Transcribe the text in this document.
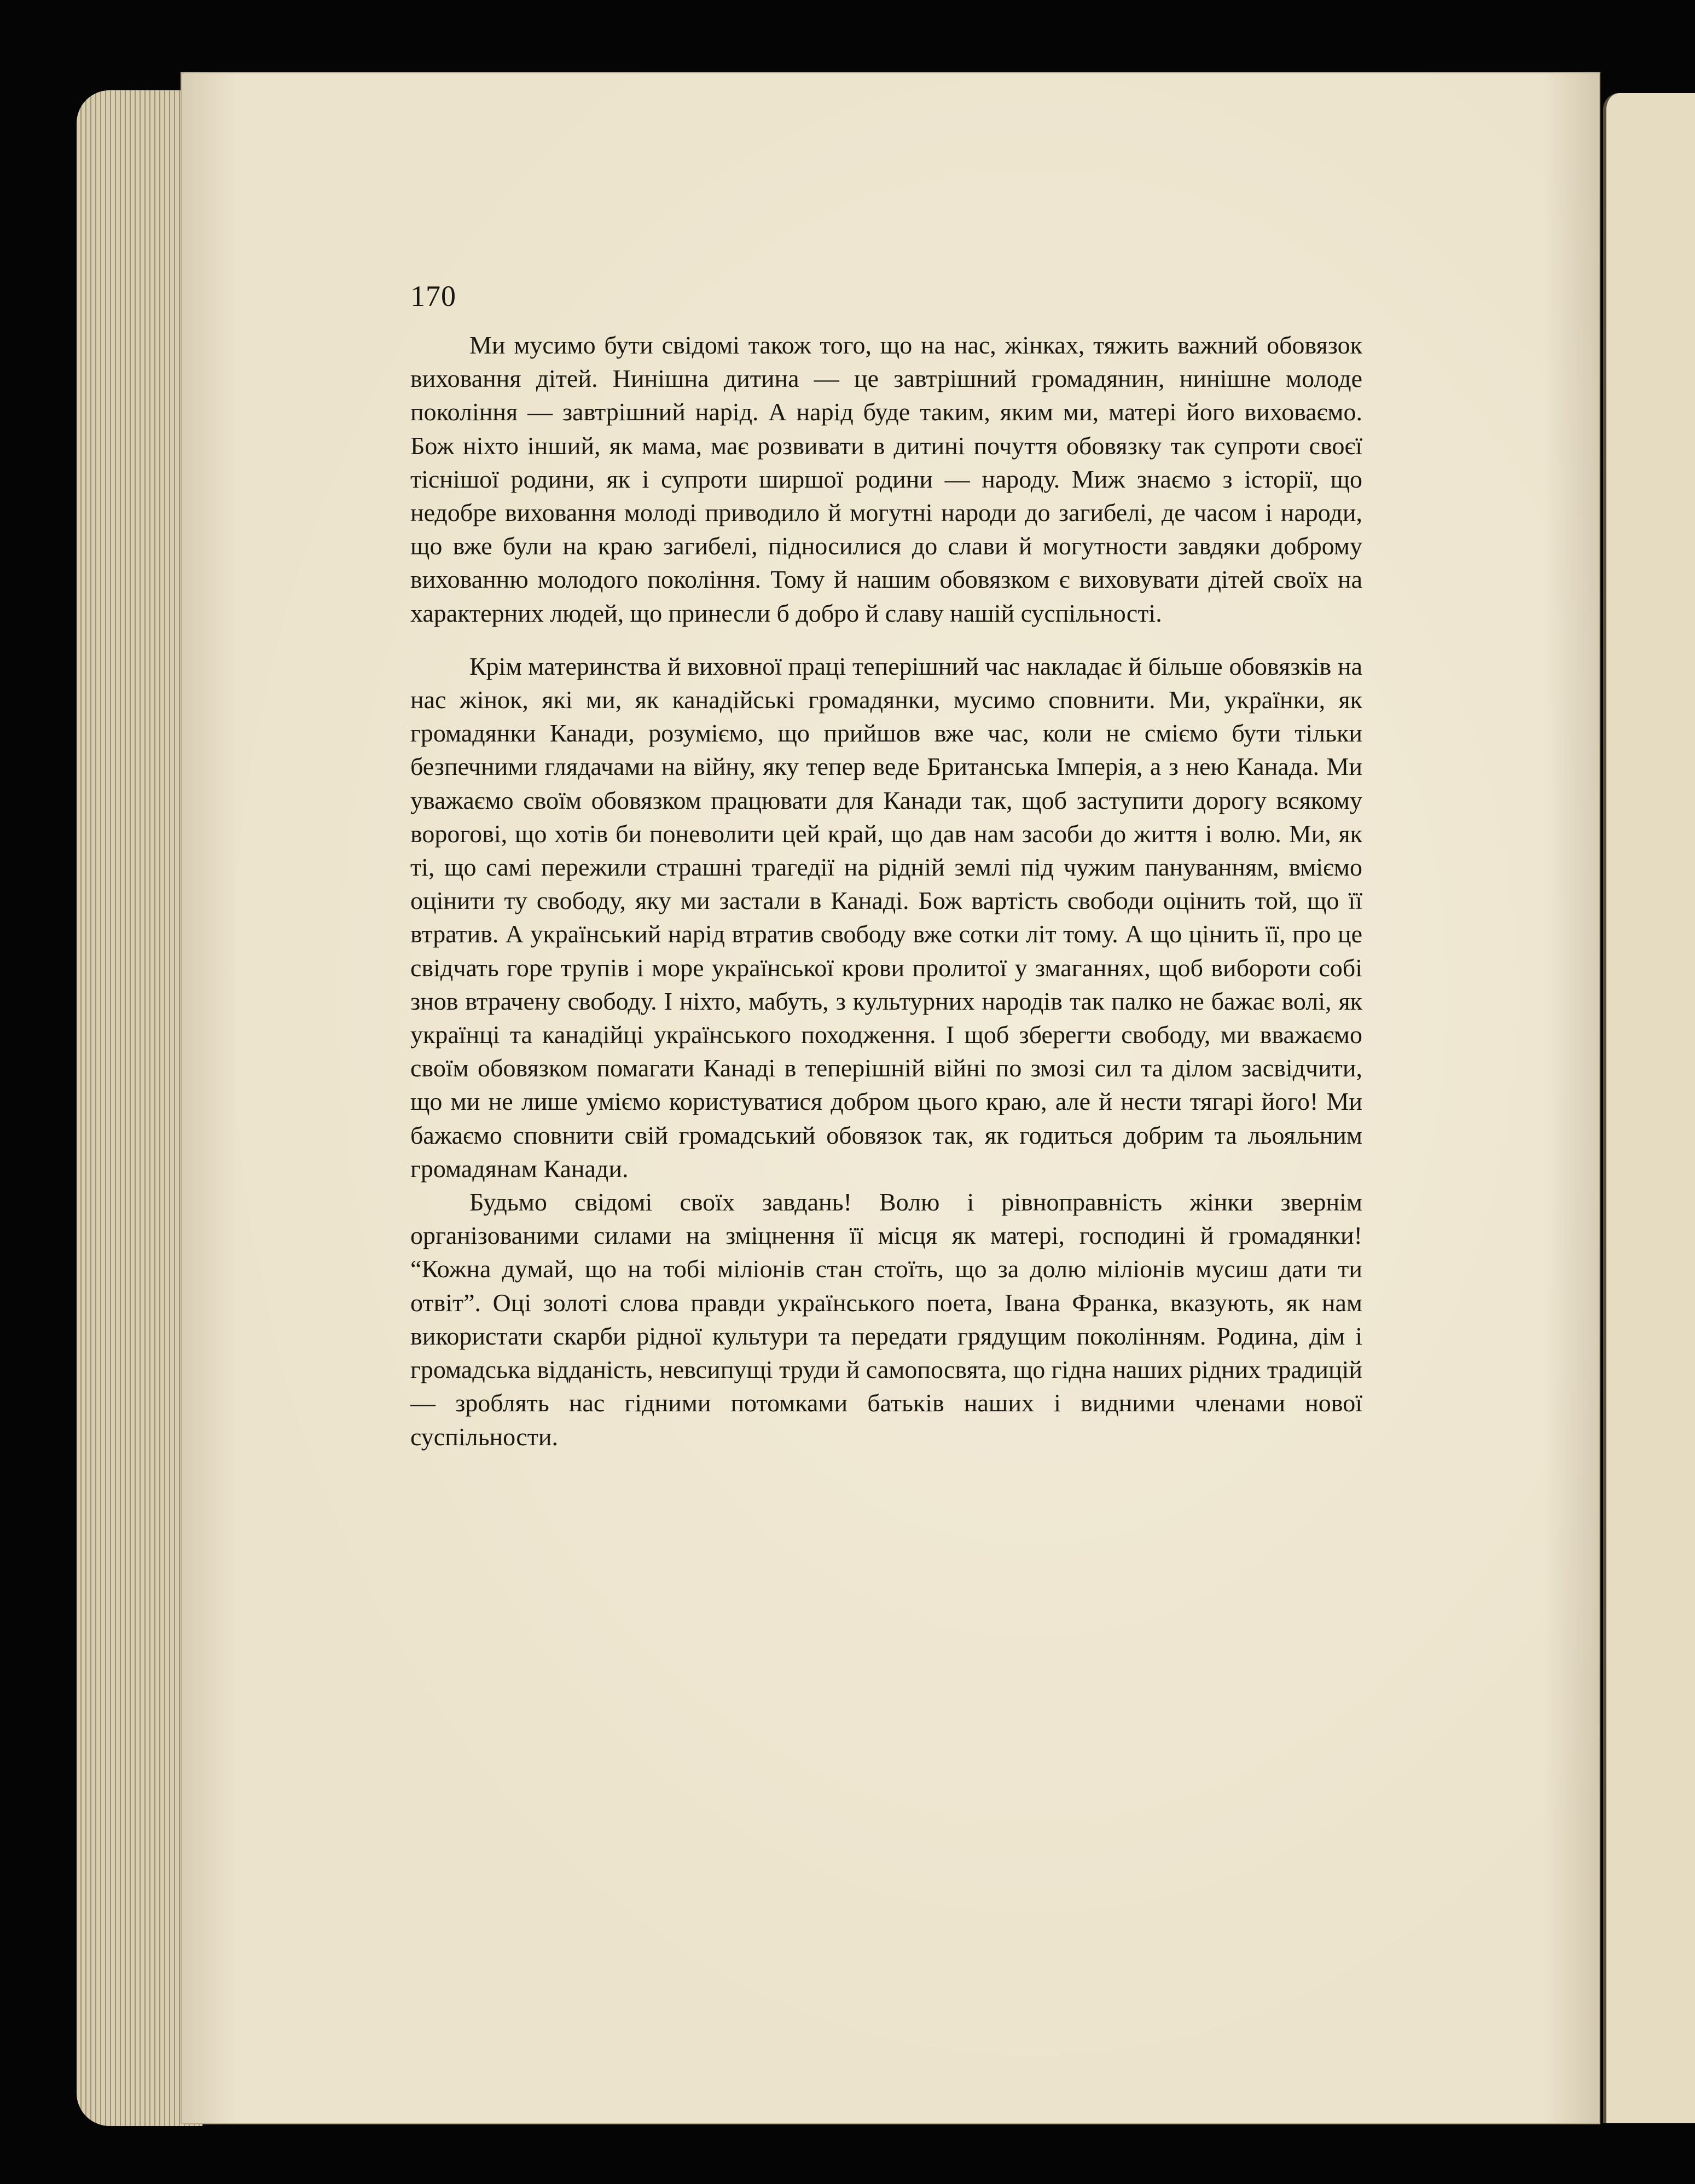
170

Ми мусимо бути свідомі також того, що на нас, жінках, тяжить важний обовязок виховання дітей. Нинішна дитина — це завтрішний громадянин, нинішне молоде покоління — завтрішний нарід. А нарід буде таким, яким ми, матері його виховаємо. Бож ніхто інший, як мама, має розвивати в дитині почуття обовязку так супроти своєї тіснішої родини, як і супроти ширшої родини — народу. Миж знаємо з історії, що недобре виховання молоді приводило й могутні народи до загибелі, де часом і народи, що вже були на краю загибелі, підносилися до слави й могутности завдяки доброму вихованню молодого покоління. Тому й нашим обовязком є виховувати дітей своїх на характерних людей, що принесли б добро й славу нашій суспільності.

Крім материнства й виховної праці теперішний час накладає й більше обовязків на нас жінок, які ми, як канадійські громадянки, мусимо сповнити. Ми, українки, як громадянки Канади, розуміємо, що прийшов вже час, коли не сміємо бути тільки безпечними глядачами на війну, яку тепер веде Британська Імперія, а з нею Канада. Ми уважаємо своїм обовязком працювати для Канади так, щоб заступити дорогу всякому ворогові, що хотів би поневолити цей край, що дав нам засоби до життя і волю. Ми, як ті, що самі пережили страшні трагедії на рідній землі під чужим пануванням, вміємо оцінити ту свободу, яку ми застали в Канаді. Бож вартість свободи оцінить той, що її втратив. А український нарід втратив свободу вже сотки літ тому. А що цінить її, про це свідчать горе трупів і море української крови пролитої у змаганнях, щоб вибороти собі знов втрачену свободу. І ніхто, мабуть, з культурних народів так палко не бажає волі, як українці та канадійці українського походження. І щоб зберегти свободу, ми вважаємо своїм обовязком помагати Канаді в теперішній війні по змозі сил та ділом засвідчити, що ми не лише уміємо користуватися добром цього краю, але й нести тягарі його! Ми бажаємо сповнити свій громадський обовязок так, як годиться добрим та льояльним громадянам Канади.

Будьмо свідомі своїх завдань! Волю і рівноправність жінки звернім організованими силами на зміцнення її місця як матері, господині й громадянки! “Кожна думай, що на тобі міліонів стан стоїть, що за долю міліонів мусиш дати ти отвіт”. Оці золоті слова правди українського поета, Івана Франка, вказують, як нам використати скарби рідної культури та передати грядущим поколінням. Родина, дім і громадська відданість, невсипущі труди й самопосвята, що гідна наших рідних традицій — зроблять нас гідними потомками батьків наших і видними членами нової суспільности.
